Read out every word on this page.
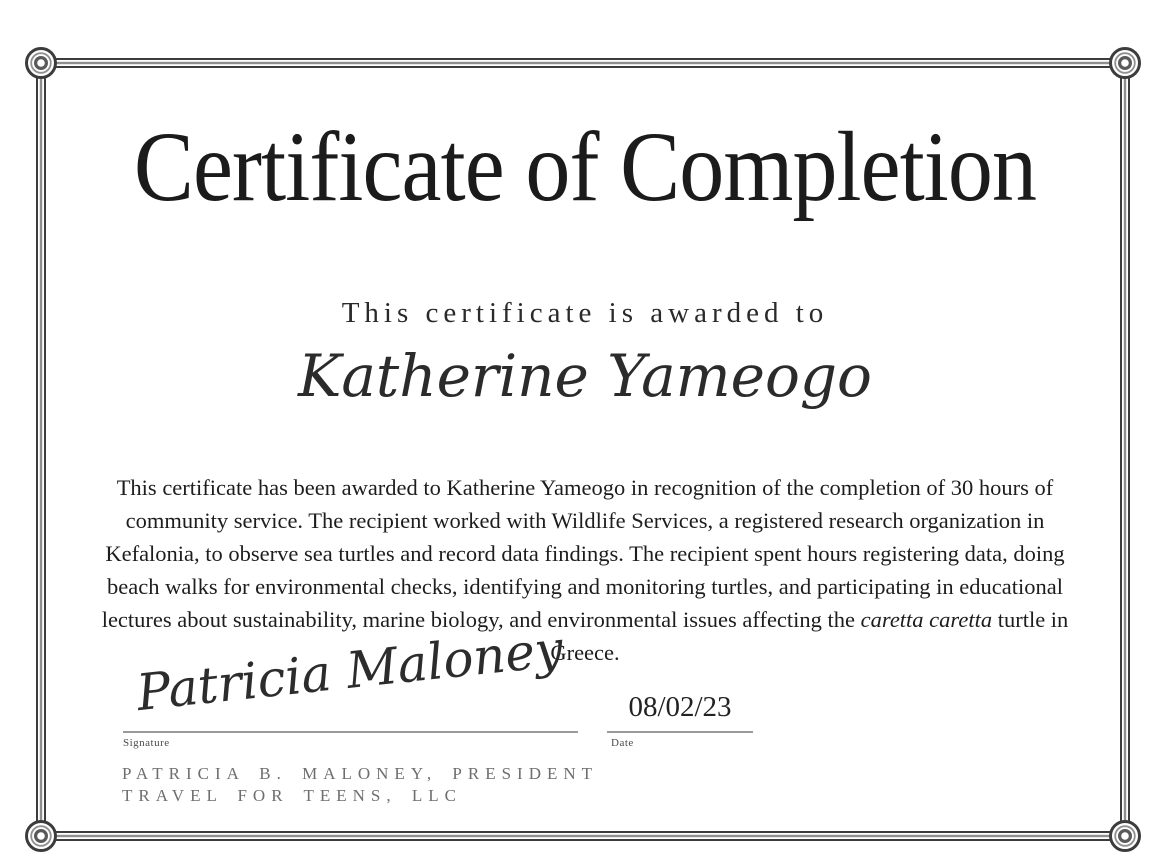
Certificate of Completion
This certificate is awarded to
Katherine Yameogo

This certificate has been awarded to Katherine Yameogo in recognition of the completion of 30 hours of community service. The recipient worked with Wildlife Services, a registered research organization in Kefalonia, to observe sea turtles and record data findings. The recipient spent hours registering data, doing beach walks for environmental checks, identifying and monitoring turtles, and participating in educational lectures about sustainability, marine biology, and environmental issues affecting the caretta caretta turtle in Greece.

Patricia Maloney
Signature
08/02/23
Date
PATRICIA B. MALONEY, PRESIDENT
TRAVEL FOR TEENS, LLC
